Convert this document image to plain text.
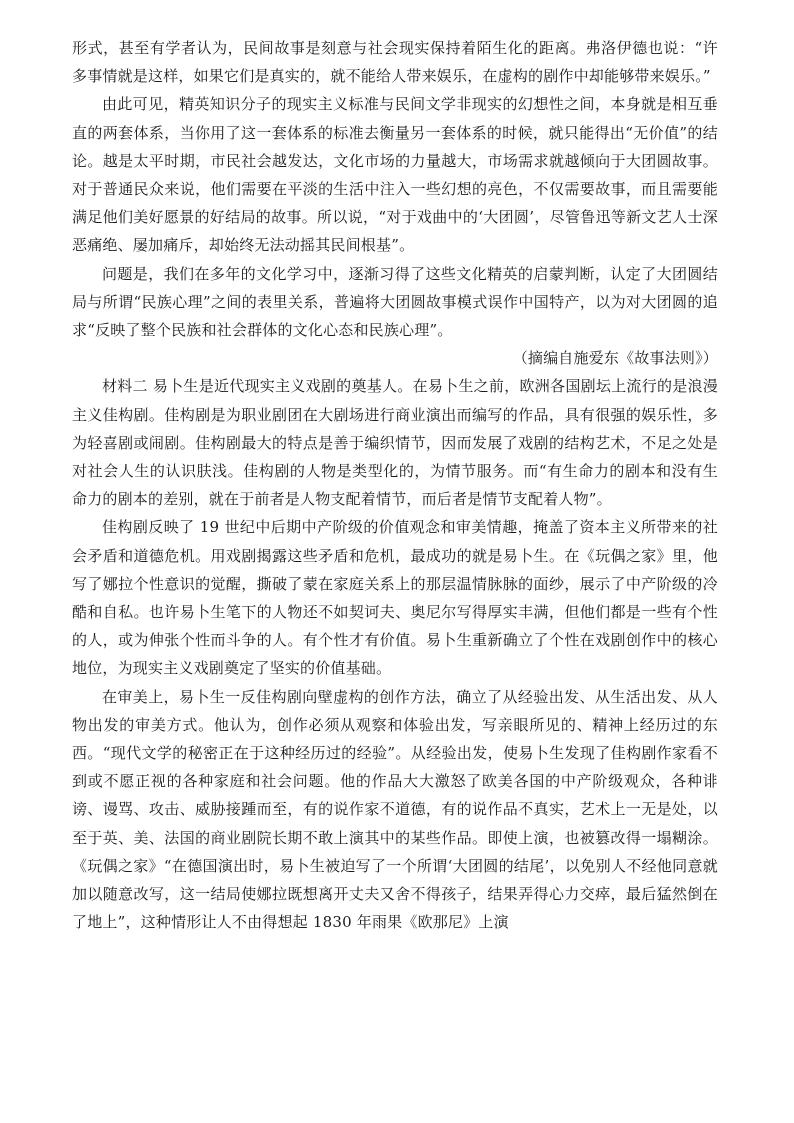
形式，甚至有学者认为，民间故事是刻意与社会现实保持着陌生化的距离。弗洛伊德也说：“许多事情就是这样，如果它们是真实的，就不能给人带来娱乐，在虚构的剧作中却能够带来娱乐。”

由此可见，精英知识分子的现实主义标准与民间文学非现实的幻想性之间，本身就是相互垂直的两套体系，当你用了这一套体系的标准去衡量另一套体系的时候，就只能得出“无价值”的结论。越是太平时期，市民社会越发达，文化市场的力量越大，市场需求就越倾向于大团圆故事。对于普通民众来说，他们需要在平淡的生活中注入一些幻想的亮色，不仅需要故事，而且需要能满足他们美好愿景的好结局的故事。所以说，“对于戏曲中的‘大团圆’，尽管鲁迅等新文艺人士深恶痛绝、屡加痛斥，却始终无法动摇其民间根基”。

问题是，我们在多年的文化学习中，逐渐习得了这些文化精英的启蒙判断，认定了大团圆结局与所谓“民族心理”之间的表里关系，普遍将大团圆故事模式误作中国特产，以为对大团圆的追求“反映了整个民族和社会群体的文化心态和民族心理”。

（摘编自施爱东《故事法则》）

材料二 易卜生是近代现实主义戏剧的奠基人。在易卜生之前，欧洲各国剧坛上流行的是浪漫主义佳构剧。佳构剧是为职业剧团在大剧场进行商业演出而编写的作品，具有很强的娱乐性，多为轻喜剧或闹剧。佳构剧最大的特点是善于编织情节，因而发展了戏剧的结构艺术，不足之处是对社会人生的认识肤浅。佳构剧的人物是类型化的，为情节服务。而“有生命力的剧本和没有生命力的剧本的差别，就在于前者是人物支配着情节，而后者是情节支配着人物”。

佳构剧反映了 19 世纪中后期中产阶级的价值观念和审美情趣，掩盖了资本主义所带来的社会矛盾和道德危机。用戏剧揭露这些矛盾和危机，最成功的就是易卜生。在《玩偶之家》里，他写了娜拉个性意识的觉醒，撕破了蒙在家庭关系上的那层温情脉脉的面纱，展示了中产阶级的冷酷和自私。也许易卜生笔下的人物还不如契诃夫、奥尼尔写得厚实丰满，但他们都是一些有个性的人，或为伸张个性而斗争的人。有个性才有价值。易卜生重新确立了个性在戏剧创作中的核心地位，为现实主义戏剧奠定了坚实的价值基础。

在审美上，易卜生一反佳构剧向壁虚构的创作方法，确立了从经验出发、从生活出发、从人物出发的审美方式。他认为，创作必须从观察和体验出发，写亲眼所见的、精神上经历过的东西。“现代文学的秘密正在于这种经历过的经验”。从经验出发，使易卜生发现了佳构剧作家看不到或不愿正视的各种家庭和社会问题。他的作品大大激怒了欧美各国的中产阶级观众，各种诽谤、谩骂、攻击、威胁接踵而至，有的说作家不道德，有的说作品不真实，艺术上一无是处，以至于英、美、法国的商业剧院长期不敢上演其中的某些作品。即使上演，也被篡改得一塌糊涂。《玩偶之家》“在德国演出时，易卜生被迫写了一个所谓‘大团圆的结尾’，以免别人不经他同意就加以随意改写，这一结局使娜拉既想离开丈夫又舍不得孩子，结果弄得心力交瘁，最后猛然倒在了地上”，这种情形让人不由得想起 1830 年雨果《欧那尼》上演
